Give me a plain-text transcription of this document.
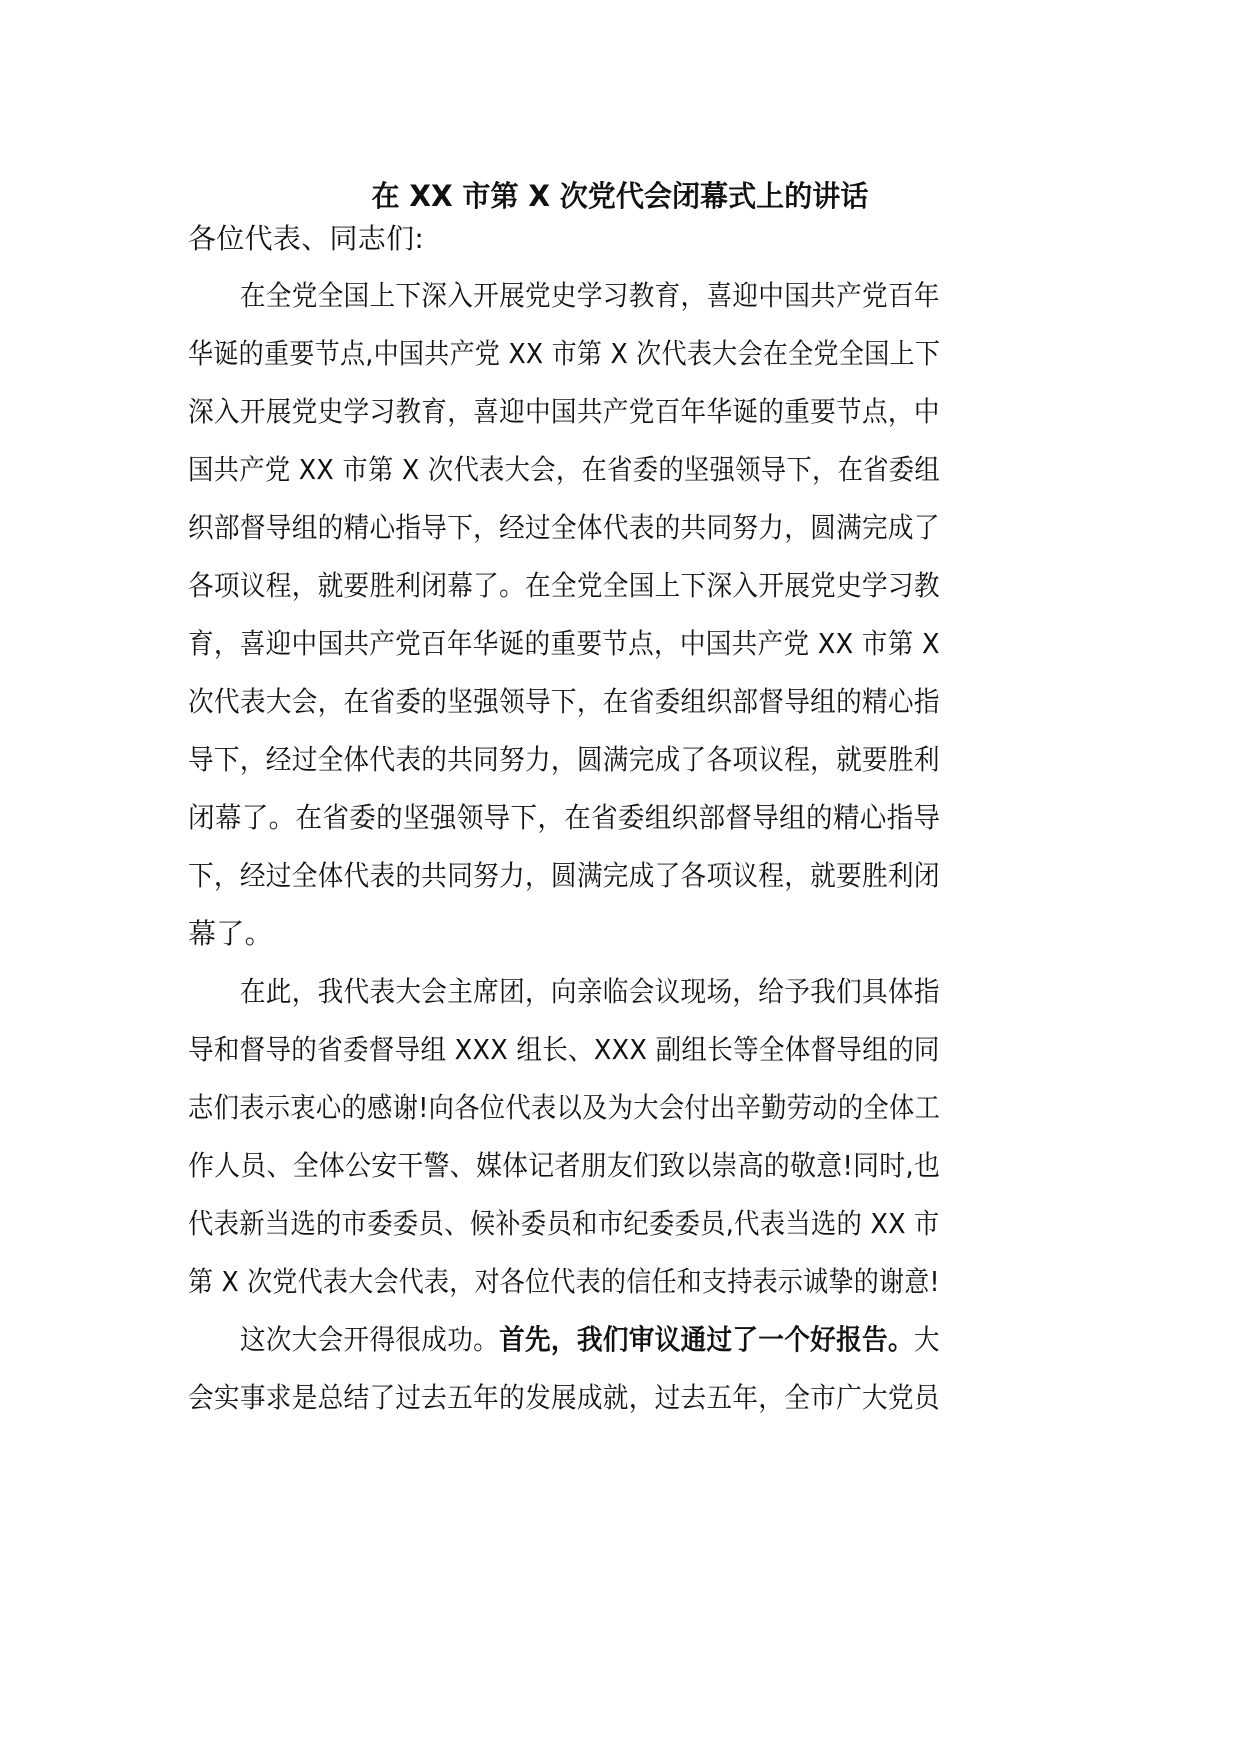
在 XX 市第 X 次党代会闭幕式上的讲话

各位代表、同志们:

　　在全党全国上下深入开展党史学习教育，喜迎中国共产党百年

华诞的重要节点,中国共产党 XX 市第 X 次代表大会在全党全国上下

深入开展党史学习教育，喜迎中国共产党百年华诞的重要节点，中

国共产党 XX 市第 X 次代表大会，在省委的坚强领导下，在省委组

织部督导组的精心指导下，经过全体代表的共同努力，圆满完成了

各项议程，就要胜利闭幕了。在全党全国上下深入开展党史学习教

育，喜迎中国共产党百年华诞的重要节点，中国共产党 XX 市第 X

次代表大会，在省委的坚强领导下，在省委组织部督导组的精心指

导下，经过全体代表的共同努力，圆满完成了各项议程，就要胜利

闭幕了。在省委的坚强领导下，在省委组织部督导组的精心指导

下，经过全体代表的共同努力，圆满完成了各项议程，就要胜利闭

幕了。

　　在此，我代表大会主席团，向亲临会议现场，给予我们具体指

导和督导的省委督导组 XXX 组长、XXX 副组长等全体督导组的同

志们表示衷心的感谢!向各位代表以及为大会付出辛勤劳动的全体工

作人员、全体公安干警、媒体记者朋友们致以崇高的敬意!同时,也

代表新当选的市委委员、候补委员和市纪委委员,代表当选的 XX 市

第 X 次党代表大会代表，对各位代表的信任和支持表示诚挚的谢意!

　　这次大会开得很成功。首先，我们审议通过了一个好报告。大

会实事求是总结了过去五年的发展成就，过去五年，全市广大党员
